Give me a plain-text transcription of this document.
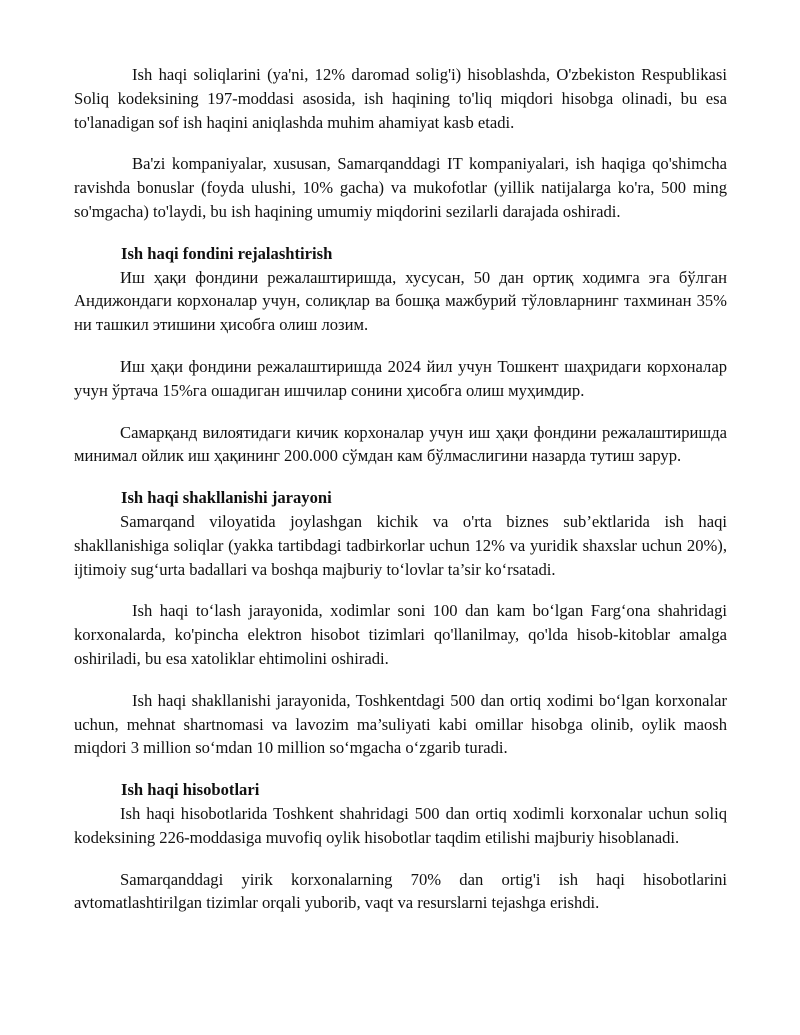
Ish haqi soliqlarini (ya'ni, 12% daromad solig'i) hisoblashda, O'zbekiston Respublikasi Soliq kodeksining 197-moddasi asosida, ish haqining to'liq miqdori hisobga olinadi, bu esa to'lanadigan sof ish haqini aniqlashda muhim ahamiyat kasb etadi.

Ba'zi kompaniyalar, xususan, Samarqanddagi IT kompaniyalari, ish haqiga qo'shimcha ravishda bonuslar (foyda ulushi, 10% gacha) va mukofotlar (yillik natijalarga ko'ra, 500 ming so'mgacha) to'laydi, bu ish haqining umumiy miqdorini sezilarli darajada oshiradi.

Ish haqi fondini rejalashtirish

Иш ҳақи фондини режалаштиришда, хусусан, 50 дан ортиқ ходимга эга бўлган Андижондаги корхоналар учун, солиқлар ва бошқа мажбурий тўловларнинг тахминан 35% ни ташкил этишини ҳисобга олиш лозим.

Иш ҳақи фондини режалаштиришда 2024 йил учун Тошкент шаҳридаги корхоналар учун ўртача 15%га ошадиган ишчилар сонини ҳисобга олиш муҳимдир.

Самарқанд вилоятидаги кичик корхоналар учун иш ҳақи фондини режалаштиришда минимал ойлик иш ҳақининг 200.000 сўмдан кам бўлмаслигини назарда тутиш зарур.

Ish haqi shakllanishi jarayoni

Samarqand viloyatida joylashgan kichik va o'rta biznes sub’ektlarida ish haqi shakllanishiga soliqlar (yakka tartibdagi tadbirkorlar uchun 12% va yuridik shaxslar uchun 20%), ijtimoiy sug‘urta badallari va boshqa majburiy to‘lovlar ta’sir ko‘rsatadi.

Ish haqi to‘lash jarayonida, xodimlar soni 100 dan kam bo‘lgan Farg‘ona shahridagi korxonalarda, ko'pincha elektron hisobot tizimlari qo'llanilmay, qo'lda hisob-kitoblar amalga oshiriladi, bu esa xatoliklar ehtimolini oshiradi.

Ish haqi shakllanishi jarayonida, Toshkentdagi 500 dan ortiq xodimi bo‘lgan korxonalar uchun, mehnat shartnomasi va lavozim ma’suliyati kabi omillar hisobga olinib, oylik maosh miqdori 3 million so‘mdan 10 million so‘mgacha o‘zgarib turadi.

Ish haqi hisobotlari

Ish haqi hisobotlarida Toshkent shahridagi 500 dan ortiq xodimli korxonalar uchun soliq kodeksining 226-moddasiga muvofiq oylik hisobotlar taqdim etilishi majburiy hisoblanadi.

Samarqanddagi yirik korxonalarning 70% dan ortig'i ish haqi hisobotlarini avtomatlashtirilgan tizimlar orqali yuborib, vaqt va resurslarni tejashga erishdi.
